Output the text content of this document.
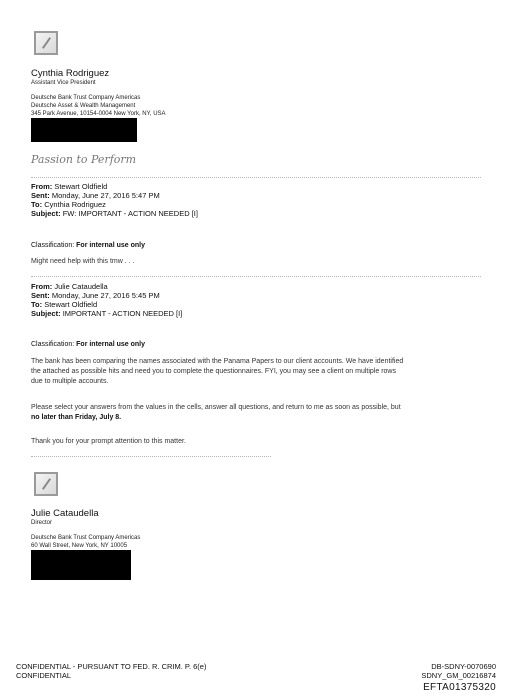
Cynthia Rodriguez
Assistant Vice President
Deutsche Bank Trust Company Americas
Deutsche Asset & Wealth Management
345 Park Avenue, 10154-0004 New York, NY, USA
Passion to Perform
From: Stewart Oldfield
Sent: Monday, June 27, 2016 5:47 PM
To: Cynthia Rodriguez
Subject: FW: IMPORTANT - ACTION NEEDED [I]
Classification: For internal use only
Might need help with this tmw . . .
From: Julie Cataudella
Sent: Monday, June 27, 2016 5:45 PM
To: Stewart Oldfield
Subject: IMPORTANT - ACTION NEEDED [I]
Classification: For internal use only
The bank has been comparing the names associated with the Panama Papers to our client accounts. We have identified
the attached as possible hits and need you to complete the questionnaires. FYI, you may see a client on multiple rows
due to multiple accounts.
Please select your answers from the values in the cells, answer all questions, and return to me as soon as possible, but
no later than Friday, July 8.
Thank you for your prompt attention to this matter.
Julie Cataudella
Director
Deutsche Bank Trust Company Americas
60 Wall Street, New York, NY 10005
CONFIDENTIAL - PURSUANT TO FED. R. CRIM. P. 6(e)
CONFIDENTIAL
DB-SDNY-0070690
SDNY_GM_00216874
EFTA01375320
